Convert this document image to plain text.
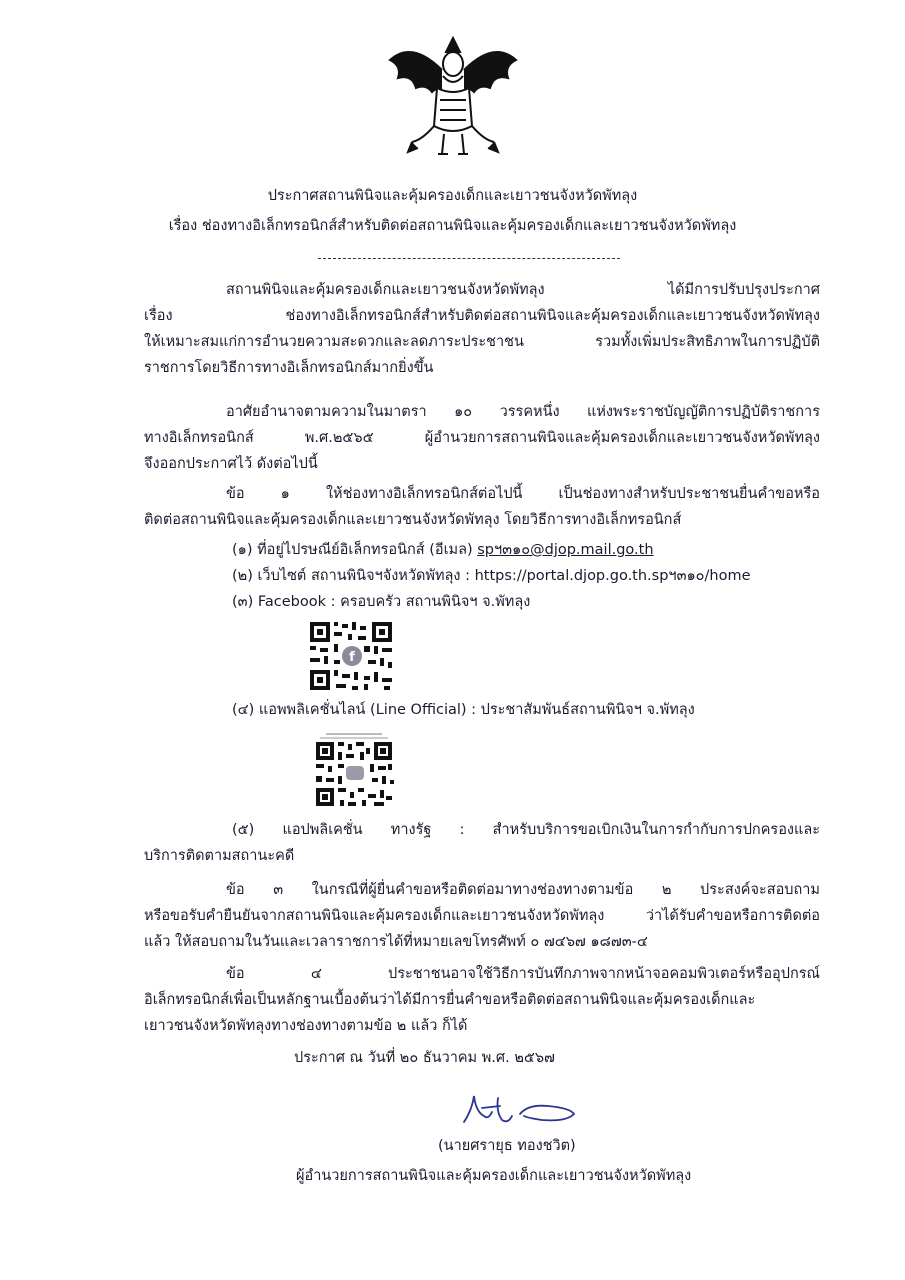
ประกาศสถานพินิจและคุ้มครองเด็กและเยาวชนจังหวัดพัทลุง
เรื่อง ช่องทางอิเล็กทรอนิกส์สำหรับติดต่อสถานพินิจและคุ้มครองเด็กและเยาวชนจังหวัดพัทลุง
สถานพินิจและคุ้มครองเด็กและเยาวชนจังหวัดพัทลุง ได้มีการปรับปรุงประกาศ
เรื่อง ช่องทางอิเล็กทรอนิกส์สำหรับติดต่อสถานพินิจและคุ้มครองเด็กและเยาวชนจังหวัดพัทลุง
ให้เหมาะสมแก่การอำนวยความสะดวกและลดภาระประชาชน รวมทั้งเพิ่มประสิทธิภาพในการปฏิบัติ
ราชการโดยวิธีการทางอิเล็กทรอนิกส์มากยิ่งขึ้น
อาศัยอำนาจตามความในมาตรา ๑๐ วรรคหนึ่ง แห่งพระราชบัญญัติการปฏิบัติราชการ
ทางอิเล็กทรอนิกส์ พ.ศ.๒๕๖๕ ผู้อำนวยการสถานพินิจและคุ้มครองเด็กและเยาวชนจังหวัดพัทลุง
จึงออกประกาศไว้ ดังต่อไปนี้
ข้อ ๑ ให้ช่องทางอิเล็กทรอนิกส์ต่อไปนี้ เป็นช่องทางสำหรับประชาชนยื่นคำขอหรือ
ติดต่อสถานพินิจและคุ้มครองเด็กและเยาวชนจังหวัดพัทลุง โดยวิธีการทางอิเล็กทรอนิกส์
(๑) ที่อยู่ไปรษณีย์อิเล็กทรอนิกส์ (อีเมล) spฯ๓๑๐@djop.mail.go.th
(๒) เว็บไซต์ สถานพินิจฯจังหวัดพัทลุง : https://portal.djop.go.th.spฯ๓๑๐/home
(๓) Facebook : ครอบครัว สถานพินิจฯ จ.พัทลุง
f
(๔) แอพพลิเคชั่นไลน์ (Line Official) : ประชาสัมพันธ์สถานพินิจฯ จ.พัทลุง
(๕) แอปพลิเคชั่น ทางรัฐ : สำหรับบริการขอเบิกเงินในการกำกับการปกครองและ
บริการติดตามสถานะคดี
ข้อ ๓ ในกรณีที่ผู้ยื่นคำขอหรือติดต่อมาทางช่องทางตามข้อ ๒ ประสงค์จะสอบถาม
หรือขอรับคำยืนยันจากสถานพินิจและคุ้มครองเด็กและเยาวชนจังหวัดพัทลุง ว่าได้รับคำขอหรือการติดต่อ
แล้ว ให้สอบถามในวันและเวลาราชการได้ที่หมายเลขโทรศัพท์ ๐ ๗๔๖๗ ๑๘๗๓-๔
ข้อ ๔ ประชาชนอาจใช้วิธีการบันทึกภาพจากหน้าจอคอมพิวเตอร์หรืออุปกรณ์
อิเล็กทรอนิกส์เพื่อเป็นหลักฐานเบื้องต้นว่าได้มีการยื่นคำขอหรือติดต่อสถานพินิจและคุ้มครองเด็กและ
เยาวชนจังหวัดพัทลุงทางช่องทางตามข้อ ๒ แล้ว ก็ได้
ประกาศ ณ วันที่ ๒๐ ธันวาคม พ.ศ. ๒๕๖๗
(นายศรายุธ ทองชวิต)
ผู้อำนวยการสถานพินิจและคุ้มครองเด็กและเยาวชนจังหวัดพัทลุง
